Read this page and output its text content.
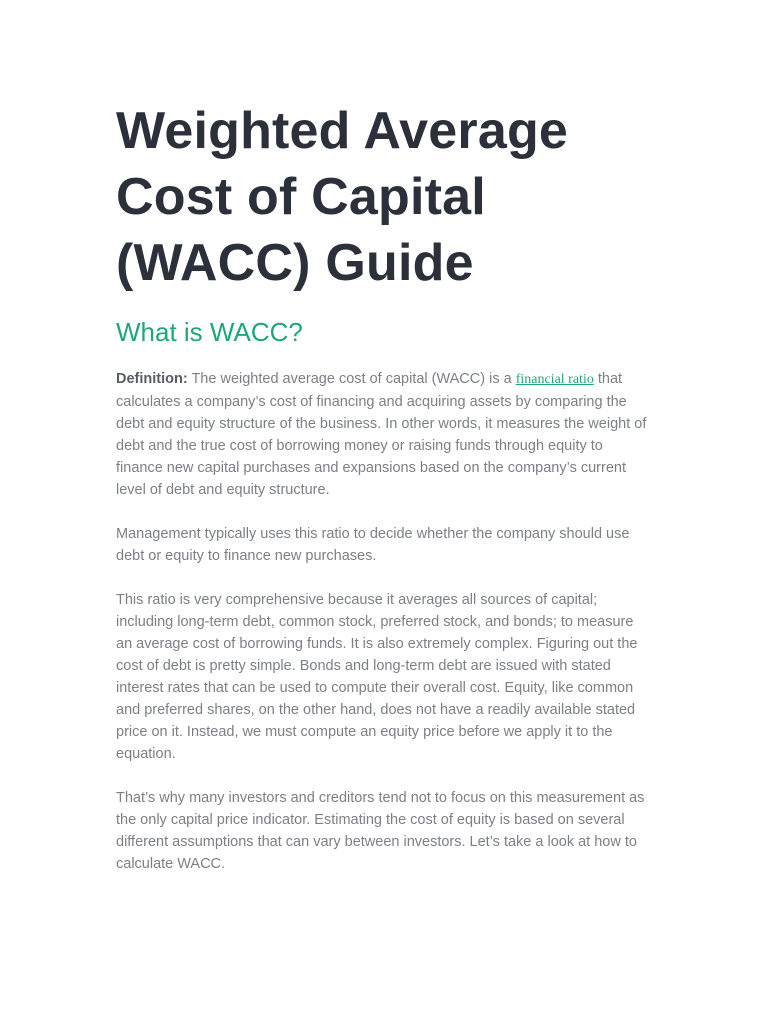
Weighted Average
Cost of Capital
(WACC) Guide
What is WACC?

Definition: The weighted average cost of capital (WACC) is a financial ratio that calculates a company’s cost of financing and acquiring assets by comparing the debt and equity structure of the business. In other words, it measures the weight of debt and the true cost of borrowing money or raising funds through equity to finance new capital purchases and expansions based on the company’s current level of debt and equity structure.

Management typically uses this ratio to decide whether the company should use debt or equity to finance new purchases.

This ratio is very comprehensive because it averages all sources of capital; including long-term debt, common stock, preferred stock, and bonds; to measure an average cost of borrowing funds. It is also extremely complex. Figuring out the cost of debt is pretty simple. Bonds and long-term debt are issued with stated interest rates that can be used to compute their overall cost. Equity, like common and preferred shares, on the other hand, does not have a readily available stated price on it. Instead, we must compute an equity price before we apply it to the equation.

That’s why many investors and creditors tend not to focus on this measurement as the only capital price indicator. Estimating the cost of equity is based on several different assumptions that can vary between investors. Let’s take a look at how to calculate WACC.
